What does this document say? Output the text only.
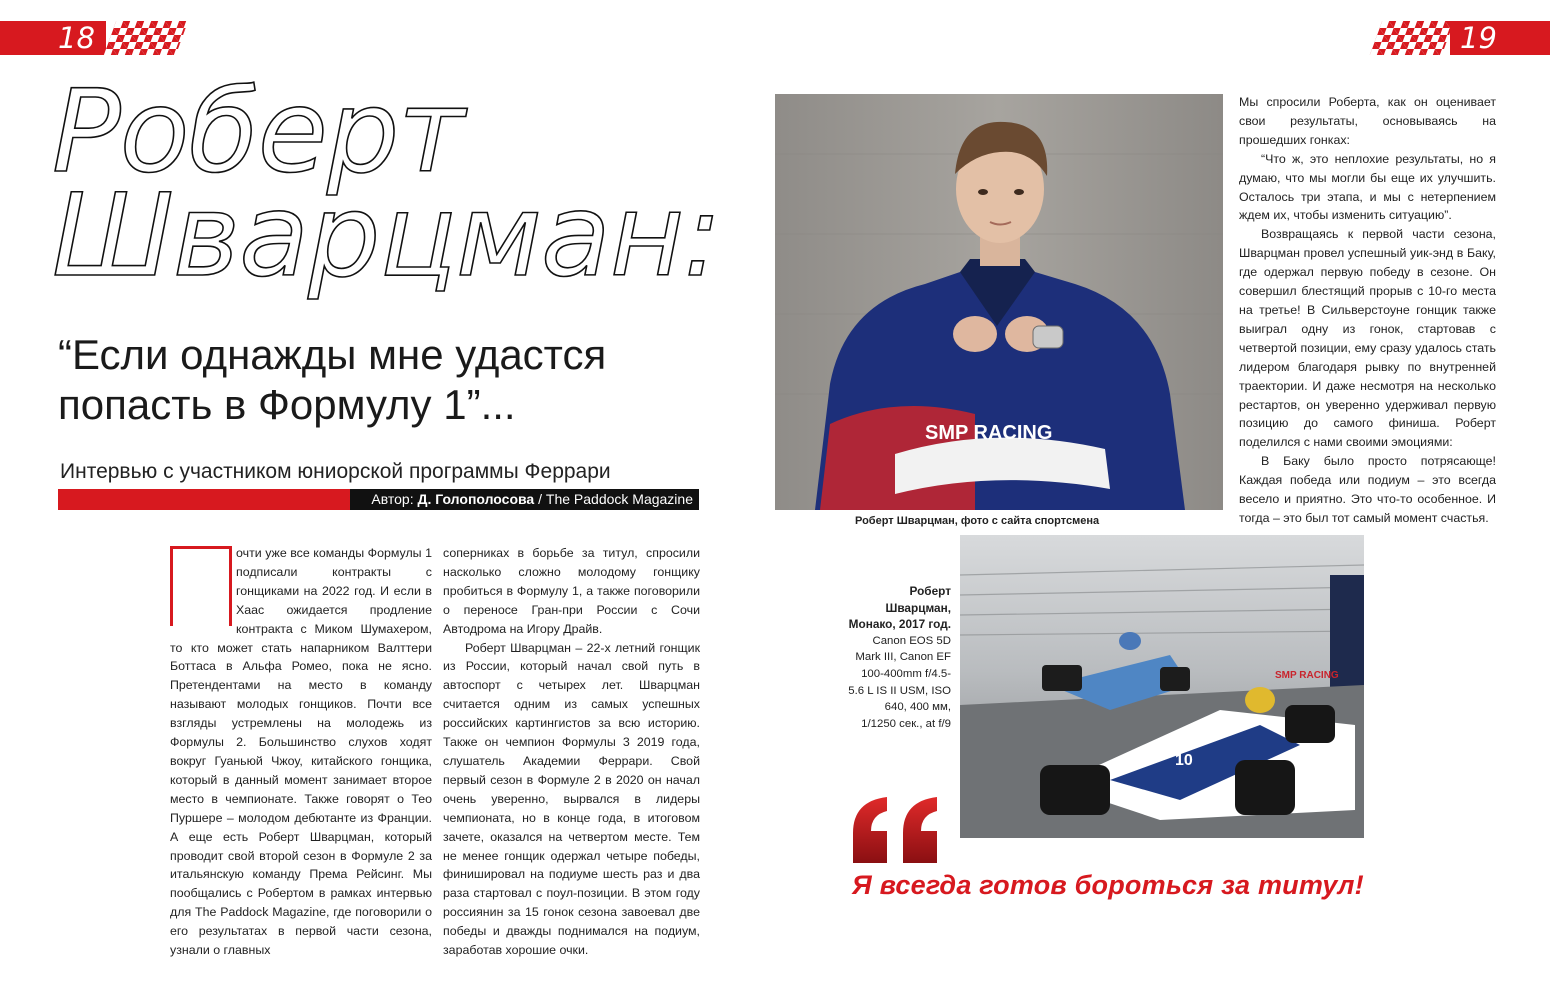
18	19
Роберт
Шварцман:
“Если однажды мне удастся попасть в Формулу 1”...
Интервью с участником юниорской программы Феррари
Автор: Д. Голополосова / The Paddock Magazine

очти уже все команды Формулы 1 подписали контракты с гонщиками на 2022 год. И если в Хаас ожидается продление контракта с Миком Шумахером, то кто может стать напарником Валттери Боттаса в Альфа Ромео, пока не ясно. Претендентами на место в команду называют молодых гонщиков. Почти все взгляды устремлены на молодежь из Формулы 2. Большинство слухов ходят вокруг Гуаньюй Чжоу, китайского гонщика, который в данный момент занимает второе место в чемпионате. Также говорят о Тео Пуршере – молодом дебютанте из Франции. А еще есть Роберт Шварцман, который проводит свой второй сезон в Формуле 2 за итальянскую команду Према Рейсинг. Мы пообщались с Робертом в рамках интервью для The Paddock Magazine, где поговорили о его результатах в первой части сезона, узнали о главных

соперниках в борьбе за титул, спросили насколько сложно молодому гонщику пробиться в Формулу 1, а также поговорили о переносе Гран-при России с Сочи Автодрома на Игору Драйв.

Роберт Шварцман – 22-х летний гонщик из России, который начал свой путь в автоспорт с четырех лет. Шварцман считается одним из самых успешных российских картингистов за всю историю. Также он чемпион Формулы 3 2019 года, слушатель Академии Феррари. Свой первый сезон в Формуле 2 в 2020 он начал очень уверенно, вырвался в лидеры чемпионата, но в конце года, в итоговом зачете, оказался на четвертом месте. Тем не менее гонщик одержал четыре победы, финишировал на подиуме шесть раз и два раза стартовал с поул-позиции. В этом году россиянин за 15 гонок сезона завоевал две победы и дважды поднимался на подиум, заработав хорошие очки.

SMP RACING
Роберт Шварцман, фото с сайта спортсмена

Мы спросили Роберта, как он оценивает свои результаты, основываясь на прошедших гонках:

“Что ж, это неплохие результаты, но я думаю, что мы могли бы еще их улучшить. Осталось три этапа, и мы с нетерпением ждем их, чтобы изменить ситуацию”.

Возвращаясь к первой части сезона, Шварцман провел успешный уик-энд в Баку, где одержал первую победу в сезоне. Он совершил блестящий прорыв с 10-го места на третье! В Сильверстоуне гонщик также выиграл одну из гонок, стартовав с четвертой позиции, ему сразу удалось стать лидером благодаря рывку по внутренней траектории. И даже несмотря на несколько рестартов, он уверенно удерживал первую позицию до самого финиша. Роберт поделился с нами своими эмоциями:

В Баку было просто потрясающе! Каждая победа или подиум – это всегда весело и приятно. Это что-то особенное. И тогда – это был тот самый момент счастья.

Роберт Шварцман, Монако, 2017 год.
Canon EOS 5D Mark III, Canon EF 100-400mm f/4.5-5.6 L IS II USM, ISO 640, 400 мм, 1/1250 сек., at f/9
10
SMP RACING
Я всегда готов бороться за титул!
